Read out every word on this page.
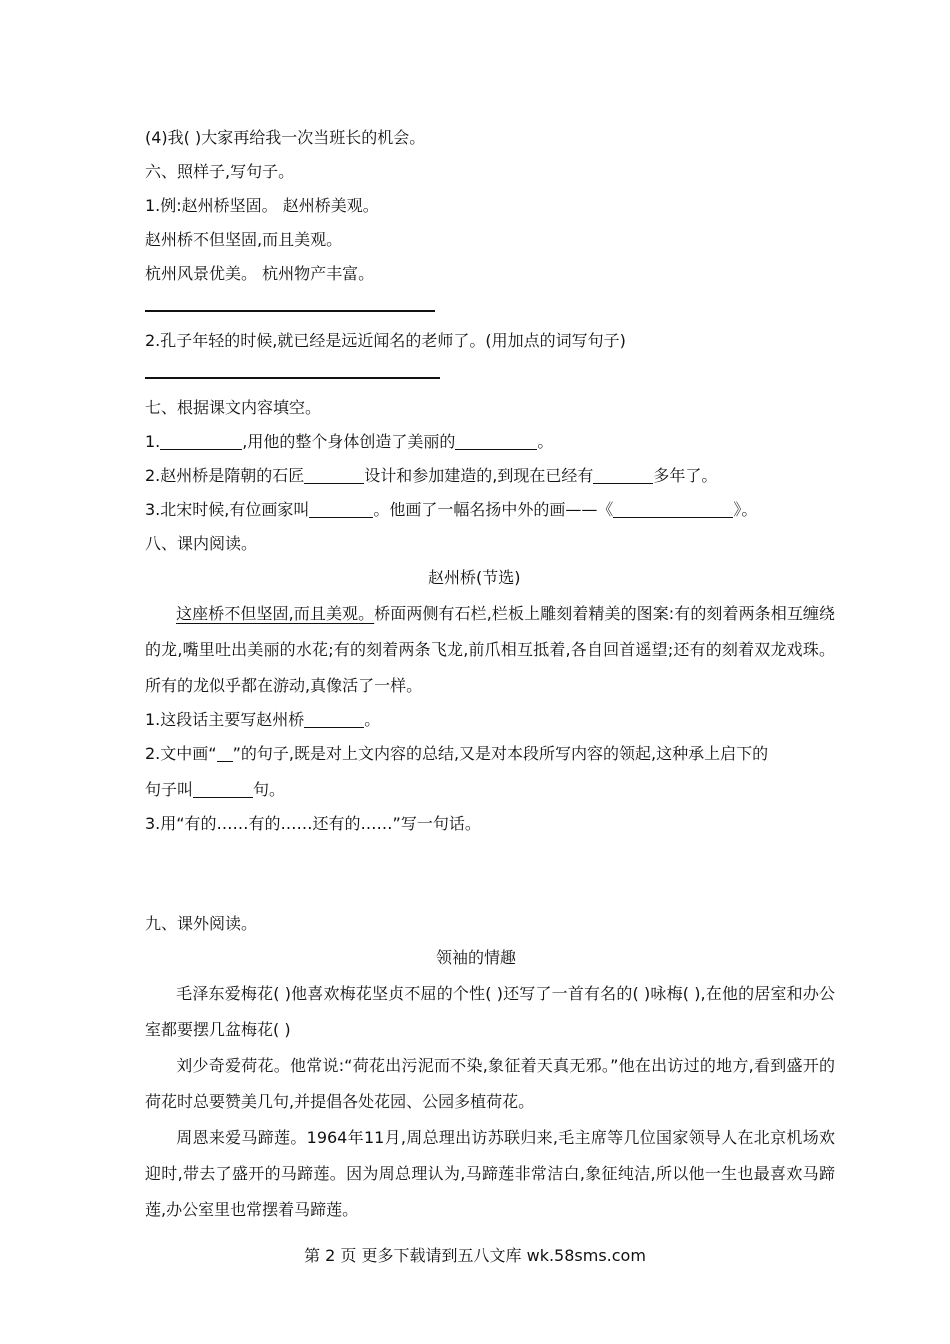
(4)我( )大家再给我一次当班长的机会。
六、照样子,写句子。
1.例:赵州桥坚固。 赵州桥美观。
赵州桥不但坚固,而且美观。
杭州风景优美。 杭州物产丰富。
2.孔子年轻的时候,就已经是远近闻名的老师了。(用加点的词写句子)
七、根据课文内容填空。
1.	,用他的整个身体创造了美丽的	。
2.赵州桥是隋朝的石匠	设计和参加建造的,到现在已经有	多年了。
3.北宋时候,有位画家叫	。他画了一幅名扬中外的画——《	》。
八、课内阅读。
赵州桥(节选)
这座桥不但坚固,而且美观。桥面两侧有石栏,栏板上雕刻着精美的图案:有的刻着两条相互缠绕的龙,嘴里吐出美丽的水花;有的刻着两条飞龙,前爪相互抵着,各自回首遥望;还有的刻着双龙戏珠。所有的龙似乎都在游动,真像活了一样。
1.这段话主要写赵州桥	。
2.文中画“ ”的句子,既是对上文内容的总结,又是对本段所写内容的领起,这种承上启下的
句子叫	句。
3.用“有的……有的……还有的……”写一句话。
九、课外阅读。
领袖的情趣
毛泽东爱梅花( )他喜欢梅花坚贞不屈的个性( )还写了一首有名的( )咏梅( ),在他的居室和办公室都要摆几盆梅花( )
刘少奇爱荷花。他常说:“荷花出污泥而不染,象征着天真无邪。”他在出访过的地方,看到盛开的荷花时总要赞美几句,并提倡各处花园、公园多植荷花。
周恩来爱马蹄莲。1964年11月,周总理出访苏联归来,毛主席等几位国家领导人在北京机场欢迎时,带去了盛开的马蹄莲。因为周总理认为,马蹄莲非常洁白,象征纯洁,所以他一生也最喜欢马蹄莲,办公室里也常摆着马蹄莲。
第 2 页 更多下载请到五八文库 wk.58sms.com
